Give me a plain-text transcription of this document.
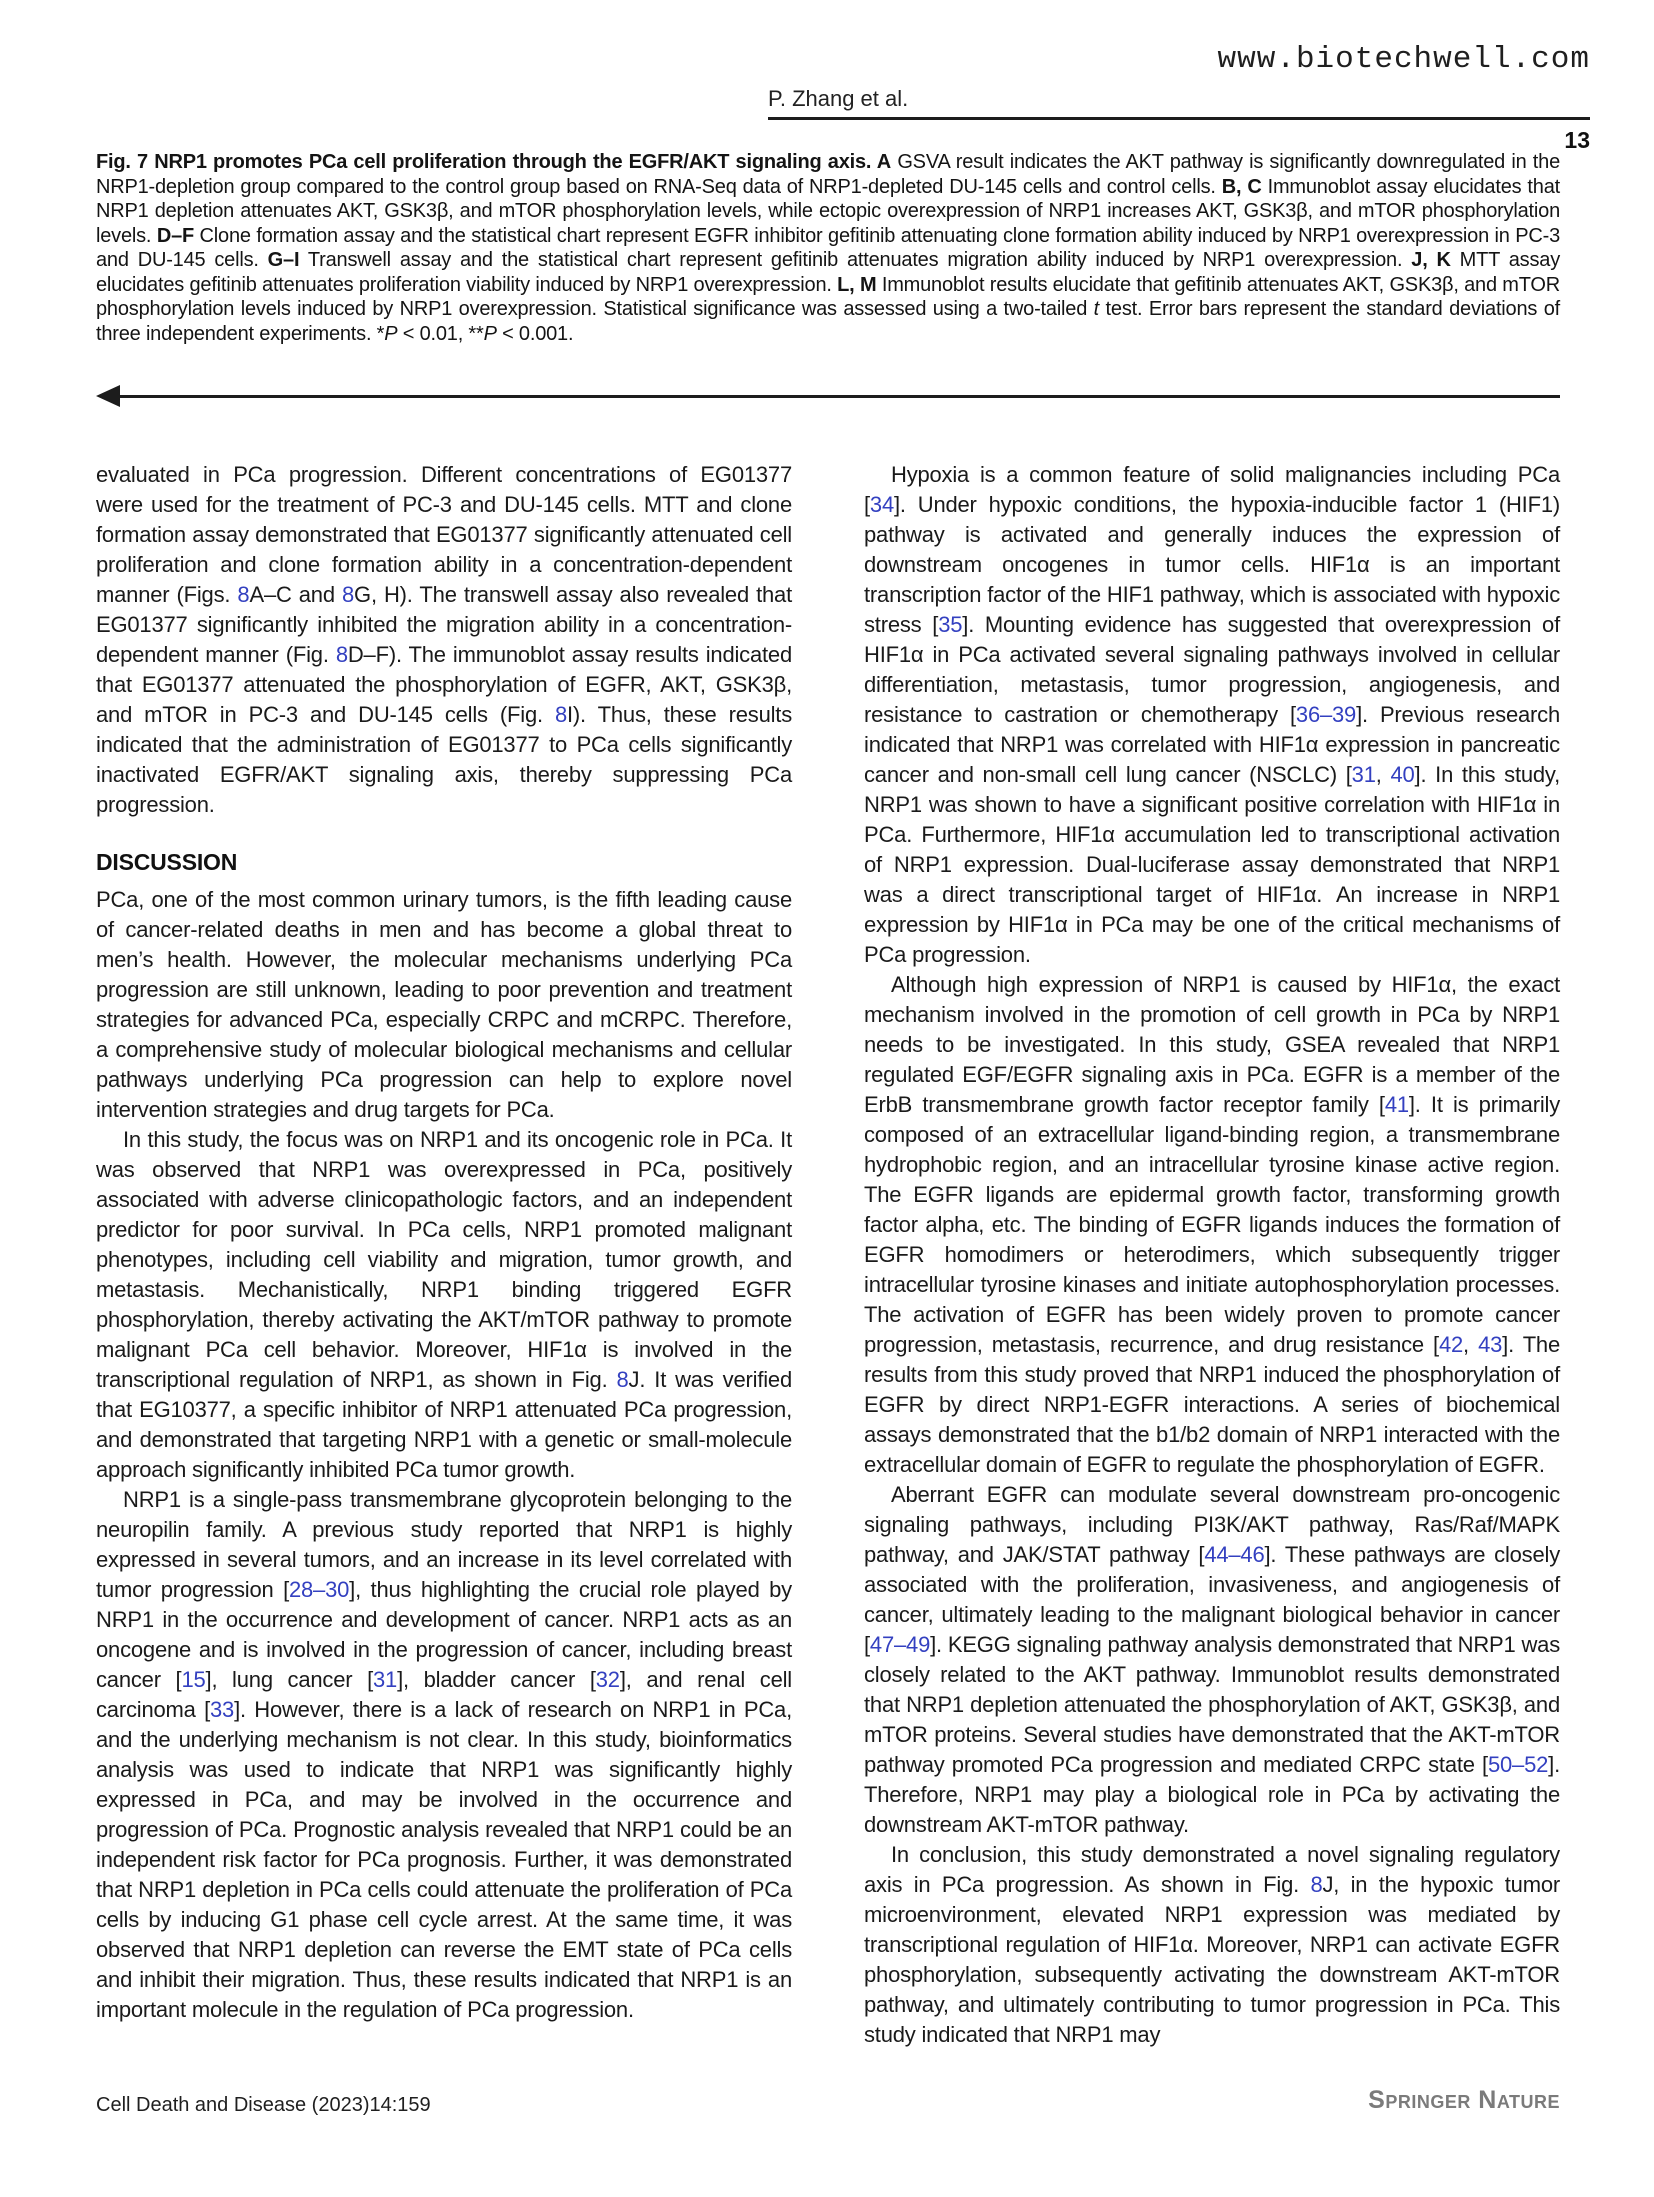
www.biotechwell.com
P. Zhang et al.
13
Fig. 7 NRP1 promotes PCa cell proliferation through the EGFR/AKT signaling axis. A GSVA result indicates the AKT pathway is significantly downregulated in the NRP1-depletion group compared to the control group based on RNA-Seq data of NRP1-depleted DU-145 cells and control cells. B, C Immunoblot assay elucidates that NRP1 depletion attenuates AKT, GSK3β, and mTOR phosphorylation levels, while ectopic overexpression of NRP1 increases AKT, GSK3β, and mTOR phosphorylation levels. D–F Clone formation assay and the statistical chart represent EGFR inhibitor gefitinib attenuating clone formation ability induced by NRP1 overexpression in PC-3 and DU-145 cells. G–I Transwell assay and the statistical chart represent gefitinib attenuates migration ability induced by NRP1 overexpression. J, K MTT assay elucidates gefitinib attenuates proliferation viability induced by NRP1 overexpression. L, M Immunoblot results elucidate that gefitinib attenuates AKT, GSK3β, and mTOR phosphorylation levels induced by NRP1 overexpression. Statistical significance was assessed using a two-tailed t test. Error bars represent the standard deviations of three independent experiments. *P < 0.01, **P < 0.001.

evaluated in PCa progression. Different concentrations of EG01377 were used for the treatment of PC-3 and DU-145 cells. MTT and clone formation assay demonstrated that EG01377 significantly attenuated cell proliferation and clone formation ability in a concentration-dependent manner (Figs. 8A–C and 8G, H). The transwell assay also revealed that EG01377 significantly inhibited the migration ability in a concentration-dependent manner (Fig. 8D–F). The immunoblot assay results indicated that EG01377 attenuated the phosphorylation of EGFR, AKT, GSK3β, and mTOR in PC-3 and DU-145 cells (Fig. 8I). Thus, these results indicated that the administration of EG01377 to PCa cells significantly inactivated EGFR/AKT signaling axis, thereby suppressing PCa progression.

DISCUSSION

PCa, one of the most common urinary tumors, is the fifth leading cause of cancer-related deaths in men and has become a global threat to men’s health. However, the molecular mechanisms underlying PCa progression are still unknown, leading to poor prevention and treatment strategies for advanced PCa, especially CRPC and mCRPC. Therefore, a comprehensive study of molecular biological mechanisms and cellular pathways underlying PCa progression can help to explore novel intervention strategies and drug targets for PCa.

In this study, the focus was on NRP1 and its oncogenic role in PCa. It was observed that NRP1 was overexpressed in PCa, positively associated with adverse clinicopathologic factors, and an independent predictor for poor survival. In PCa cells, NRP1 promoted malignant phenotypes, including cell viability and migration, tumor growth, and metastasis. Mechanistically, NRP1 binding triggered EGFR phosphorylation, thereby activating the AKT/mTOR pathway to promote malignant PCa cell behavior. Moreover, HIF1α is involved in the transcriptional regulation of NRP1, as shown in Fig. 8J. It was verified that EG10377, a specific inhibitor of NRP1 attenuated PCa progression, and demonstrated that targeting NRP1 with a genetic or small-molecule approach significantly inhibited PCa tumor growth.

NRP1 is a single-pass transmembrane glycoprotein belonging to the neuropilin family. A previous study reported that NRP1 is highly expressed in several tumors, and an increase in its level correlated with tumor progression [28–30], thus highlighting the crucial role played by NRP1 in the occurrence and development of cancer. NRP1 acts as an oncogene and is involved in the progression of cancer, including breast cancer [15], lung cancer [31], bladder cancer [32], and renal cell carcinoma [33]. However, there is a lack of research on NRP1 in PCa, and the underlying mechanism is not clear. In this study, bioinformatics analysis was used to indicate that NRP1 was significantly highly expressed in PCa, and may be involved in the occurrence and progression of PCa. Prognostic analysis revealed that NRP1 could be an independent risk factor for PCa prognosis. Further, it was demonstrated that NRP1 depletion in PCa cells could attenuate the proliferation of PCa cells by inducing G1 phase cell cycle arrest. At the same time, it was observed that NRP1 depletion can reverse the EMT state of PCa cells and inhibit their migration. Thus, these results indicated that NRP1 is an important molecule in the regulation of PCa progression.

Hypoxia is a common feature of solid malignancies including PCa [34]. Under hypoxic conditions, the hypoxia-inducible factor 1 (HIF1) pathway is activated and generally induces the expression of downstream oncogenes in tumor cells. HIF1α is an important transcription factor of the HIF1 pathway, which is associated with hypoxic stress [35]. Mounting evidence has suggested that overexpression of HIF1α in PCa activated several signaling pathways involved in cellular differentiation, metastasis, tumor progression, angiogenesis, and resistance to castration or chemotherapy [36–39]. Previous research indicated that NRP1 was correlated with HIF1α expression in pancreatic cancer and non-small cell lung cancer (NSCLC) [31, 40]. In this study, NRP1 was shown to have a significant positive correlation with HIF1α in PCa. Furthermore, HIF1α accumulation led to transcriptional activation of NRP1 expression. Dual-luciferase assay demonstrated that NRP1 was a direct transcriptional target of HIF1α. An increase in NRP1 expression by HIF1α in PCa may be one of the critical mechanisms of PCa progression.

Although high expression of NRP1 is caused by HIF1α, the exact mechanism involved in the promotion of cell growth in PCa by NRP1 needs to be investigated. In this study, GSEA revealed that NRP1 regulated EGF/EGFR signaling axis in PCa. EGFR is a member of the ErbB transmembrane growth factor receptor family [41]. It is primarily composed of an extracellular ligand-binding region, a transmembrane hydrophobic region, and an intracellular tyrosine kinase active region. The EGFR ligands are epidermal growth factor, transforming growth factor alpha, etc. The binding of EGFR ligands induces the formation of EGFR homodimers or heterodimers, which subsequently trigger intracellular tyrosine kinases and initiate autophosphorylation processes. The activation of EGFR has been widely proven to promote cancer progression, metastasis, recurrence, and drug resistance [42, 43]. The results from this study proved that NRP1 induced the phosphorylation of EGFR by direct NRP1-EGFR interactions. A series of biochemical assays demonstrated that the b1/b2 domain of NRP1 interacted with the extracellular domain of EGFR to regulate the phosphorylation of EGFR.

Aberrant EGFR can modulate several downstream pro-oncogenic signaling pathways, including PI3K/AKT pathway, Ras/Raf/MAPK pathway, and JAK/STAT pathway [44–46]. These pathways are closely associated with the proliferation, invasiveness, and angiogenesis of cancer, ultimately leading to the malignant biological behavior in cancer [47–49]. KEGG signaling pathway analysis demonstrated that NRP1 was closely related to the AKT pathway. Immunoblot results demonstrated that NRP1 depletion attenuated the phosphorylation of AKT, GSK3β, and mTOR proteins. Several studies have demonstrated that the AKT-mTOR pathway promoted PCa progression and mediated CRPC state [50–52]. Therefore, NRP1 may play a biological role in PCa by activating the downstream AKT-mTOR pathway.

In conclusion, this study demonstrated a novel signaling regulatory axis in PCa progression. As shown in Fig. 8J, in the hypoxic tumor microenvironment, elevated NRP1 expression was mediated by transcriptional regulation of HIF1α. Moreover, NRP1 can activate EGFR phosphorylation, subsequently activating the downstream AKT-mTOR pathway, and ultimately contributing to tumor progression in PCa. This study indicated that NRP1 may

Cell Death and Disease (2023)14:159	Springer Nature
